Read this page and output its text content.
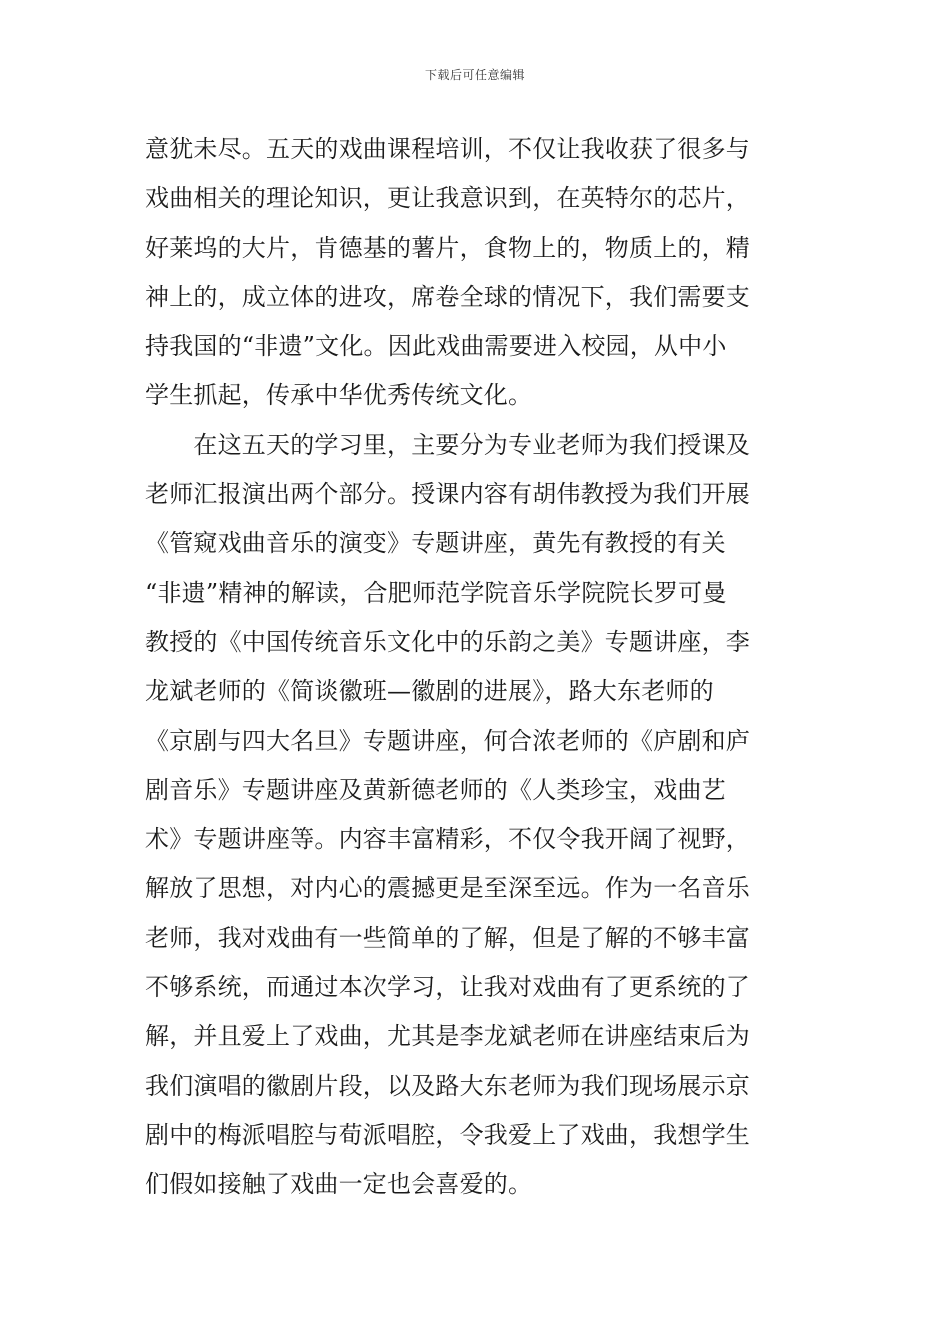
下载后可任意编辑
意犹未尽。五天的戏曲课程培训，不仅让我收获了很多与
戏曲相关的理论知识，更让我意识到，在英特尔的芯片，
好莱坞的大片，肯德基的薯片，食物上的，物质上的，精
神上的，成立体的进攻，席卷全球的情况下，我们需要支
持我国的“非遗”文化。因此戏曲需要进入校园，从中小
学生抓起，传承中华优秀传统文化。
　　在这五天的学习里，主要分为专业老师为我们授课及
老师汇报演出两个部分。授课内容有胡伟教授为我们开展
《管窥戏曲音乐的演变》专题讲座，黄先有教授的有关
“非遗”精神的解读，合肥师范学院音乐学院院长罗可曼
教授的《中国传统音乐文化中的乐韵之美》专题讲座，李
龙斌老师的《简谈徽班—徽剧的进展》，路大东老师的
《京剧与四大名旦》专题讲座，何合浓老师的《庐剧和庐
剧音乐》专题讲座及黄新德老师的《人类珍宝，戏曲艺
术》专题讲座等。内容丰富精彩，不仅令我开阔了视野，
解放了思想，对内心的震撼更是至深至远。作为一名音乐
老师，我对戏曲有一些简单的了解，但是了解的不够丰富
不够系统，而通过本次学习，让我对戏曲有了更系统的了
解，并且爱上了戏曲，尤其是李龙斌老师在讲座结束后为
我们演唱的徽剧片段，以及路大东老师为我们现场展示京
剧中的梅派唱腔与荀派唱腔，令我爱上了戏曲，我想学生
们假如接触了戏曲一定也会喜爱的。
